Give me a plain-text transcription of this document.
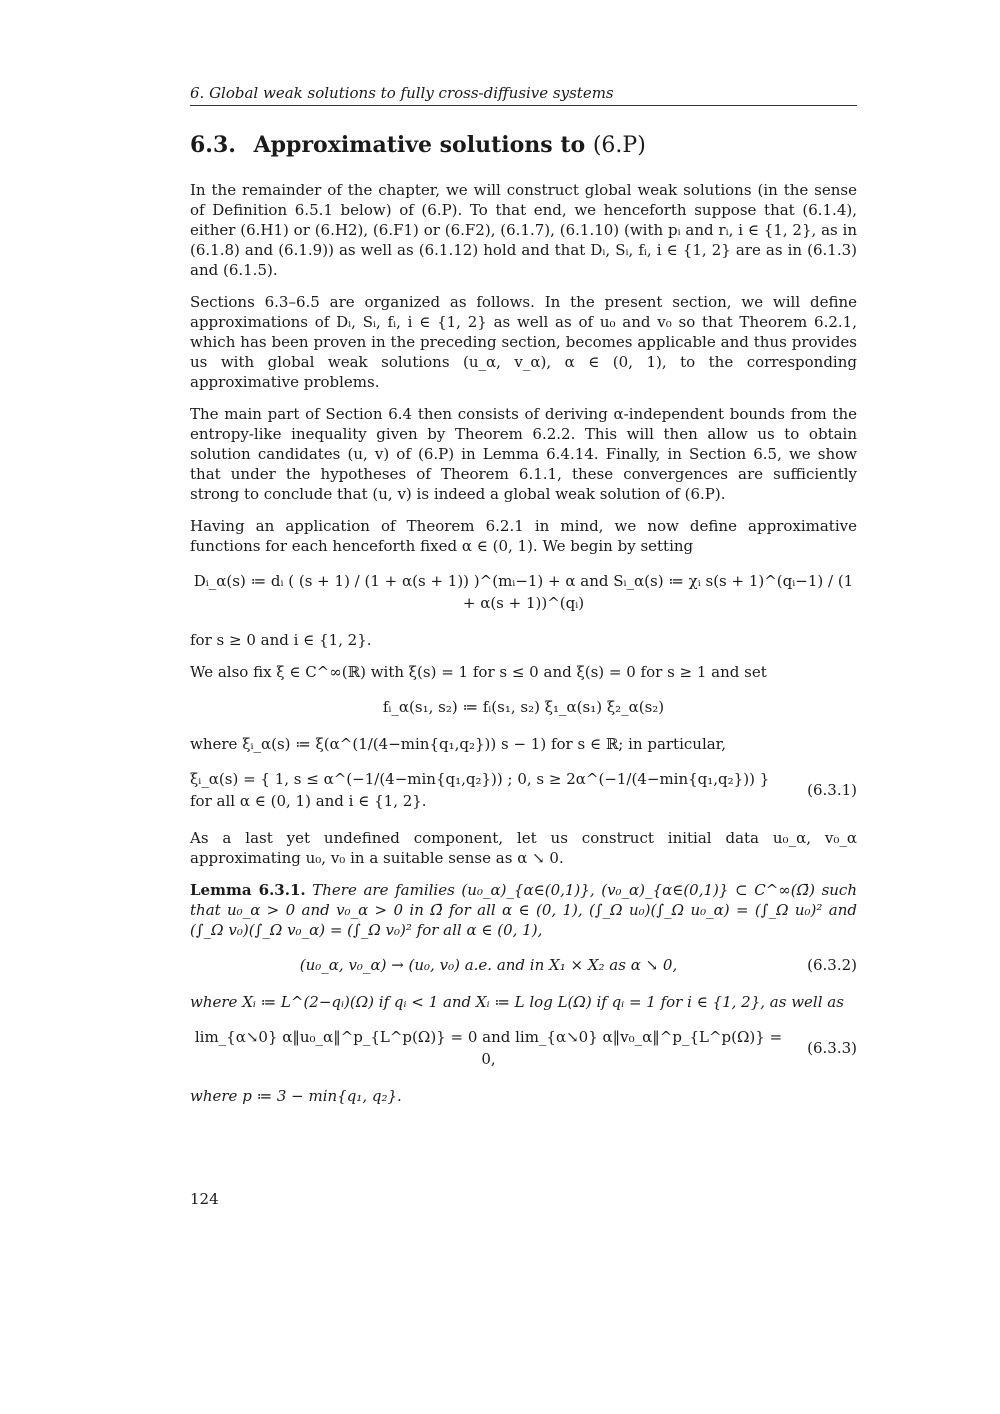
6. Global weak solutions to fully cross-diffusive systems
6.3. Approximative solutions to (6.P)

In the remainder of the chapter, we will construct global weak solutions (in the sense of Definition 6.5.1 below) of (6.P). To that end, we henceforth suppose that (6.1.4), either (6.H1) or (6.H2), (6.F1) or (6.F2), (6.1.7), (6.1.10) (with pᵢ and rᵢ, i ∈ {1, 2}, as in (6.1.8) and (6.1.9)) as well as (6.1.12) hold and that Dᵢ, Sᵢ, fᵢ, i ∈ {1, 2} are as in (6.1.3) and (6.1.5).

Sections 6.3–6.5 are organized as follows. In the present section, we will define approximations of Dᵢ, Sᵢ, fᵢ, i ∈ {1, 2} as well as of u₀ and v₀ so that Theorem 6.2.1, which has been proven in the preceding section, becomes applicable and thus provides us with global weak solutions (u_α, v_α), α ∈ (0, 1), to the corresponding approximative problems.

The main part of Section 6.4 then consists of deriving α-independent bounds from the entropy-like inequality given by Theorem 6.2.2. This will then allow us to obtain solution candidates (u, v) of (6.P) in Lemma 6.4.14. Finally, in Section 6.5, we show that under the hypotheses of Theorem 6.1.1, these convergences are sufficiently strong to conclude that (u, v) is indeed a global weak solution of (6.P).

Having an application of Theorem 6.2.1 in mind, we now define approximative functions for each henceforth fixed α ∈ (0, 1). We begin by setting

Dᵢ_α(s) ≔ dᵢ ( (s + 1) / (1 + α(s + 1)) )^(mᵢ−1) + α and Sᵢ_α(s) ≔ χᵢ s(s + 1)^(qᵢ−1) / (1 + α(s + 1))^(qᵢ)

for s ≥ 0 and i ∈ {1, 2}.

We also fix ξ ∈ C^∞(ℝ) with ξ(s) = 1 for s ≤ 0 and ξ(s) = 0 for s ≥ 1 and set

fᵢ_α(s₁, s₂) ≔ fᵢ(s₁, s₂) ξ₁_α(s₁) ξ₂_α(s₂)

where ξᵢ_α(s) ≔ ξ(α^(1/(4−min{q₁,q₂})) s − 1) for s ∈ ℝ; in particular,

ξᵢ_α(s) = { 1, s ≤ α^(−1/(4−min{q₁,q₂})) ; 0, s ≥ 2α^(−1/(4−min{q₁,q₂})) } for all α ∈ (0, 1) and i ∈ {1, 2}.
(6.3.1)

As a last yet undefined component, let us construct initial data u₀_α, v₀_α approximating u₀, v₀ in a suitable sense as α ↘ 0.

Lemma 6.3.1. There are families (u₀_α)_{α∈(0,1)}, (v₀_α)_{α∈(0,1)} ⊂ C^∞(Ω̄) such that u₀_α > 0 and v₀_α > 0 in Ω̄ for all α ∈ (0, 1), (∫_Ω u₀)(∫_Ω u₀_α) = (∫_Ω u₀)² and (∫_Ω v₀)(∫_Ω v₀_α) = (∫_Ω v₀)² for all α ∈ (0, 1),

(u₀_α, v₀_α) → (u₀, v₀) a.e. and in X₁ × X₂ as α ↘ 0,	(6.3.2)

where Xᵢ ≔ L^(2−qᵢ)(Ω) if qᵢ < 1 and Xᵢ ≔ L log L(Ω) if qᵢ = 1 for i ∈ {1, 2}, as well as

lim_{α↘0} α‖u₀_α‖^p_{L^p(Ω)} = 0 and lim_{α↘0} α‖v₀_α‖^p_{L^p(Ω)} = 0,
(6.3.3)

where p ≔ 3 − min{q₁, q₂}.

124
